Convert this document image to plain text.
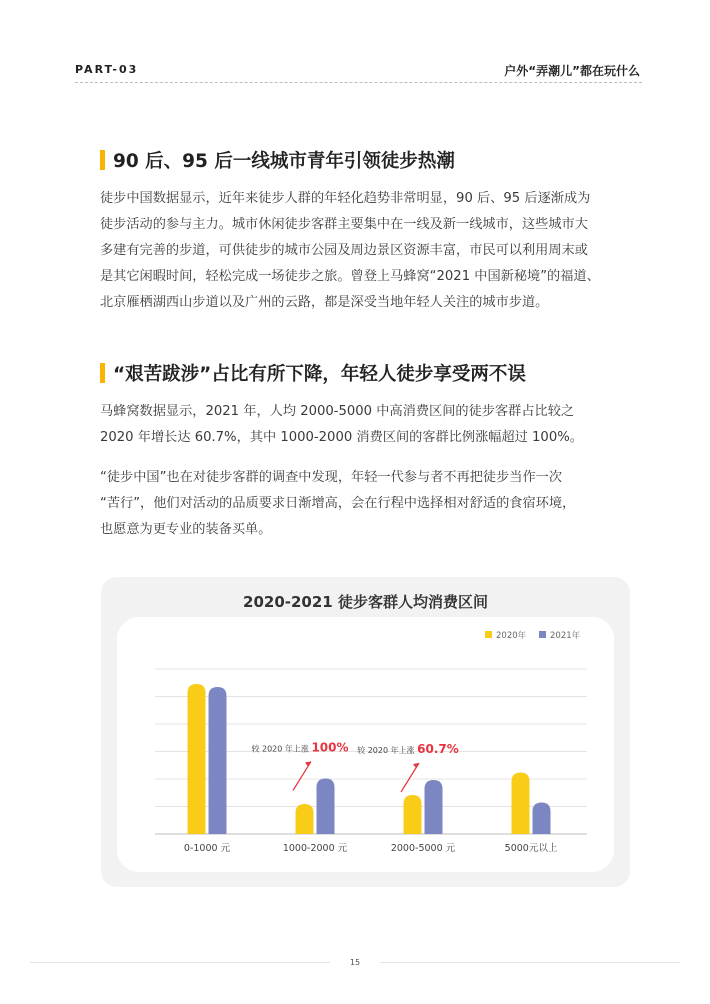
PART-03	户外“弄潮儿”都在玩什么
90 后、95 后一线城市青年引领徒步热潮

徒步中国数据显示，近年来徒步人群的年轻化趋势非常明显，90 后、95 后逐渐成为
徒步活动的参与主力。城市休闲徒步客群主要集中在一线及新一线城市，这些城市大
多建有完善的步道，可供徒步的城市公园及周边景区资源丰富，市民可以利用周末或
是其它闲暇时间，轻松完成一场徒步之旅。曾登上马蜂窝“2021 中国新秘境”的福道、
北京雁栖湖西山步道以及广州的云路，都是深受当地年轻人关注的城市步道。

“艰苦跋涉”占比有所下降，年轻人徒步享受两不误

马蜂窝数据显示，2021 年，人均 2000-5000 中高消费区间的徒步客群占比较之
2020 年增长达 60.7%，其中 1000-2000 消费区间的客群比例涨幅超过 100%。

“徒步中国”也在对徒步客群的调查中发现，年轻一代参与者不再把徒步当作一次
“苦行”，他们对活动的品质要求日渐增高，会在行程中选择相对舒适的食宿环境，
也愿意为更专业的装备买单。

2020-2021 徒步客群人均消费区间
2020年	2021年
0-1000 元	1000-2000 元	2000-5000 元	5000元以上
较 2020 年上涨 100% 较 2020 年上涨 60.7%
15
